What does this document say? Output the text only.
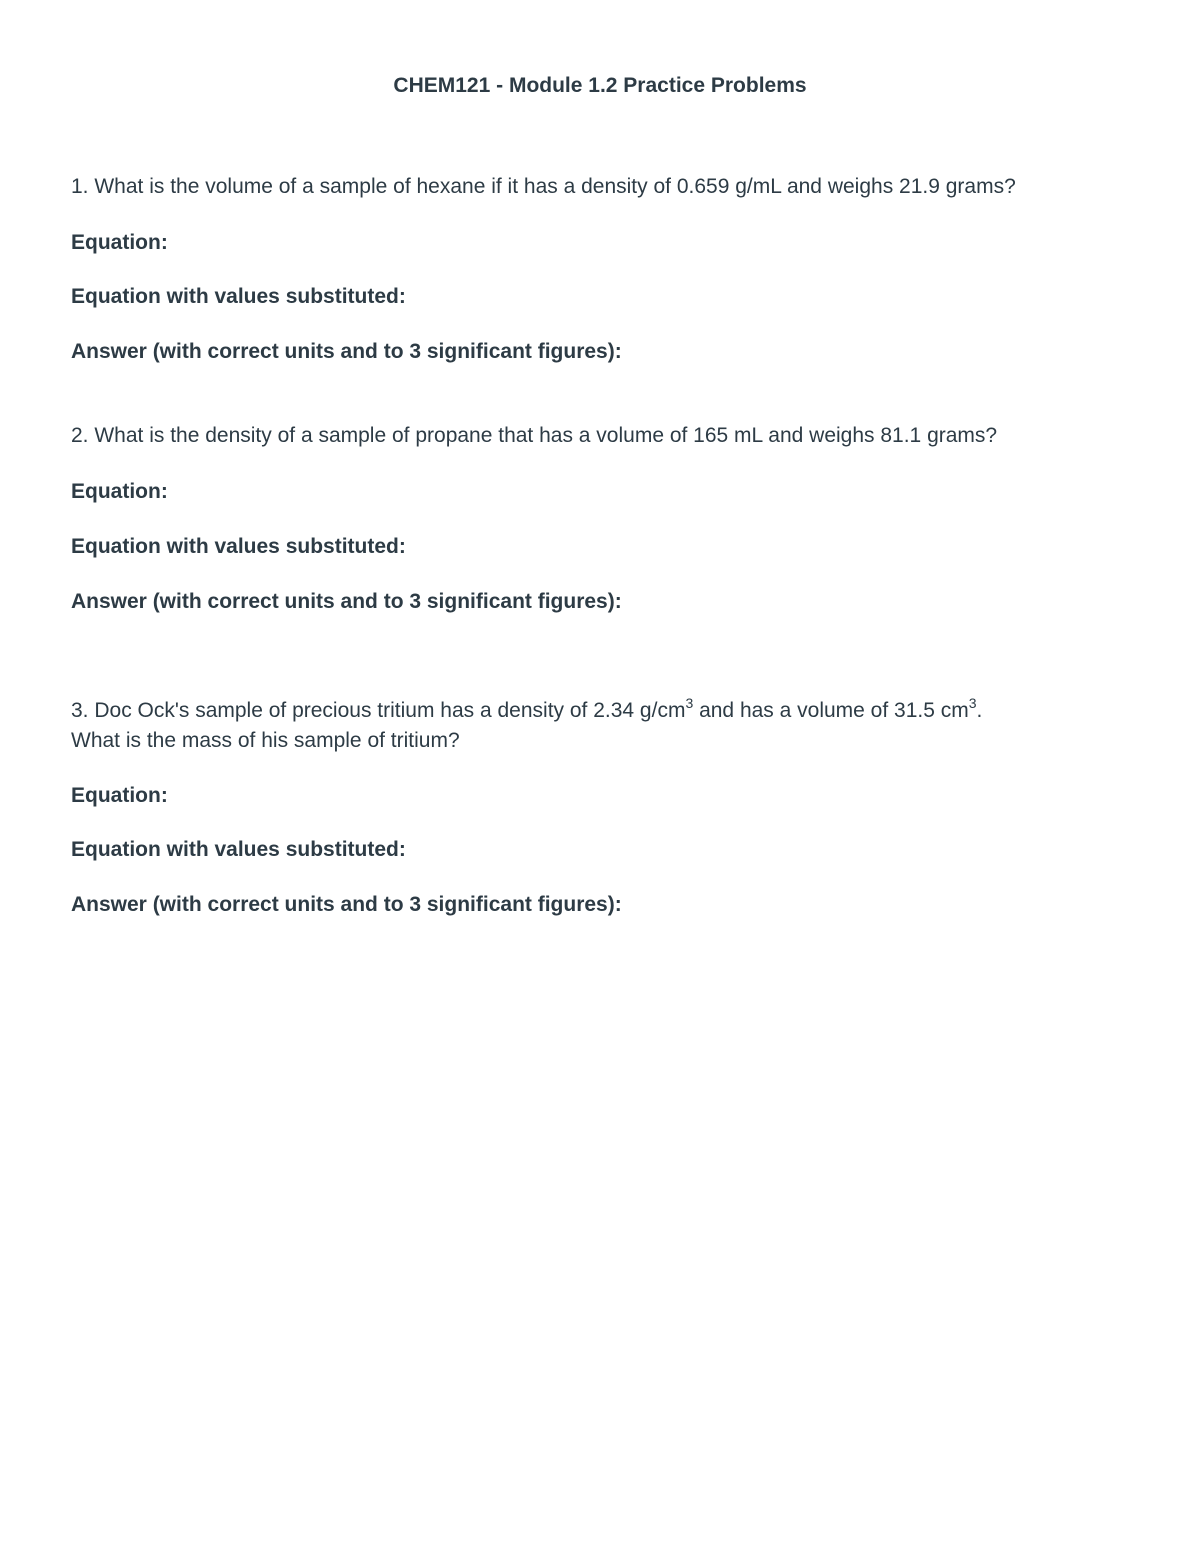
CHEM121 - Module 1.2 Practice Problems
1. What is the volume of a sample of hexane if it has a density of 0.659 g/mL and weighs 21.9 grams?
Equation:
Equation with values substituted:
Answer (with correct units and to 3 significant figures):
2. What is the density of a sample of propane that has a volume of 165 mL and weighs 81.1 grams?
Equation:
Equation with values substituted:
Answer (with correct units and to 3 significant figures):
3. Doc Ock's sample of precious tritium has a density of 2.34 $g/cm^3$ and has a volume of 31.5 $cm^3$.
What is the mass of his sample of tritium?
Equation:
Equation with values substituted:
Answer (with correct units and to 3 significant figures):
